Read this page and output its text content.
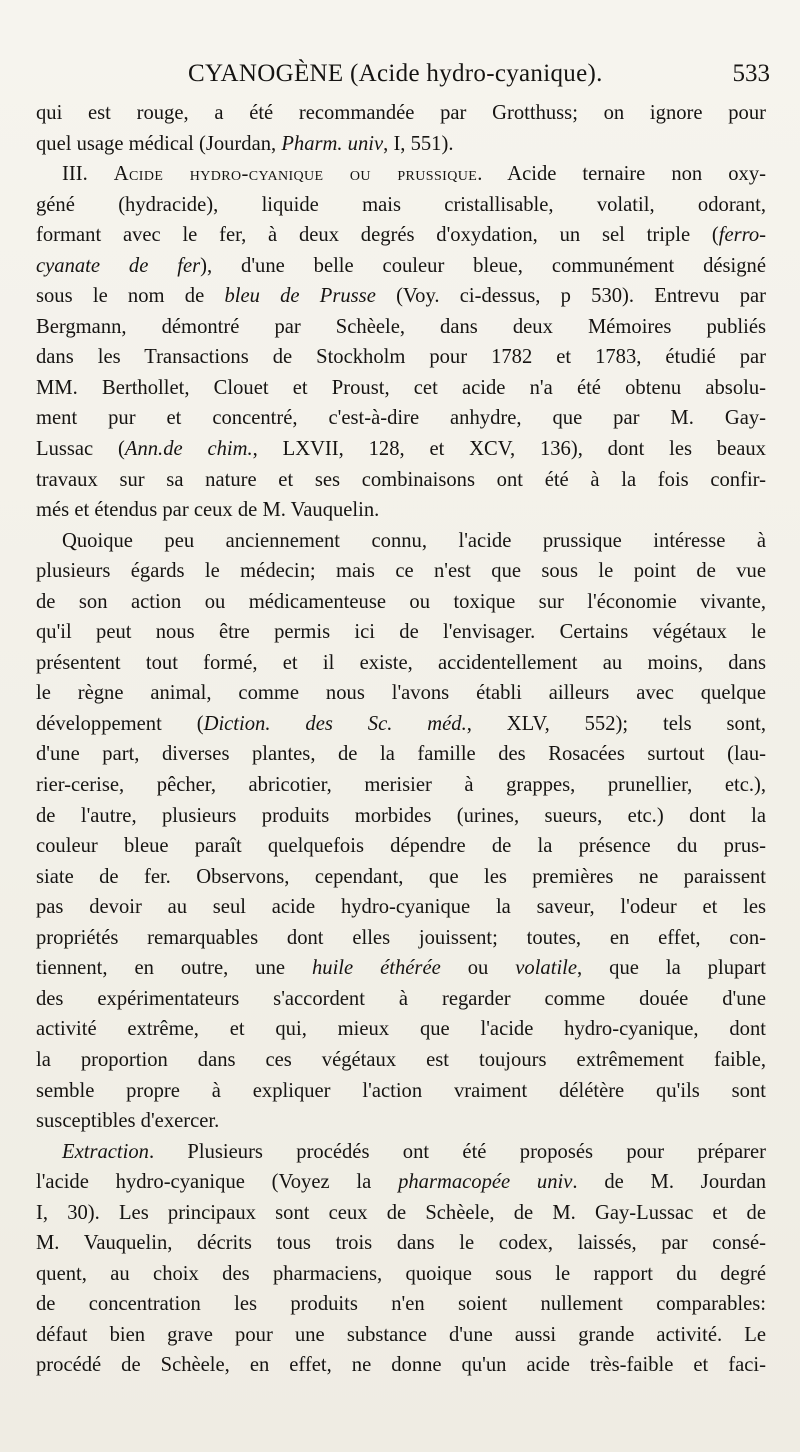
CYANOGÈNE (Acide hydro-cyanique).	533
qui est rouge, a été recommandée par Grotthuss; on ignore pour
quel usage médical (Jourdan, Pharm. univ, I, 551).
III. Acide hydro-cyanique ou prussique. Acide ternaire non oxy-
géné (hydracide), liquide mais cristallisable, volatil, odorant,
formant avec le fer, à deux degrés d'oxydation, un sel triple (ferro-
cyanate de fer), d'une belle couleur bleue, communément désigné
sous le nom de bleu de Prusse (Voy. ci-dessus, p 530). Entrevu par
Bergmann, démontré par Schèele, dans deux Mémoires publiés
dans les Transactions de Stockholm pour 1782 et 1783, étudié par
MM. Berthollet, Clouet et Proust, cet acide n'a été obtenu absolu-
ment pur et concentré, c'est-à-dire anhydre, que par M. Gay-
Lussac (Ann.de chim., LXVII, 128, et XCV, 136), dont les beaux
travaux sur sa nature et ses combinaisons ont été à la fois confir-
més et étendus par ceux de M. Vauquelin.
Quoique peu anciennement connu, l'acide prussique intéresse à
plusieurs égards le médecin; mais ce n'est que sous le point de vue
de son action ou médicamenteuse ou toxique sur l'économie vivante,
qu'il peut nous être permis ici de l'envisager. Certains végétaux le
présentent tout formé, et il existe, accidentellement au moins, dans
le règne animal, comme nous l'avons établi ailleurs avec quelque
développement (Diction. des Sc. méd., XLV, 552); tels sont,
d'une part, diverses plantes, de la famille des Rosacées surtout (lau-
rier-cerise, pêcher, abricotier, merisier à grappes, prunellier, etc.),
de l'autre, plusieurs produits morbides (urines, sueurs, etc.) dont la
couleur bleue paraît quelquefois dépendre de la présence du prus-
siate de fer. Observons, cependant, que les premières ne paraissent
pas devoir au seul acide hydro-cyanique la saveur, l'odeur et les
propriétés remarquables dont elles jouissent; toutes, en effet, con-
tiennent, en outre, une huile éthérée ou volatile, que la plupart
des expérimentateurs s'accordent à regarder comme douée d'une
activité extrême, et qui, mieux que l'acide hydro-cyanique, dont
la proportion dans ces végétaux est toujours extrêmement faible,
semble propre à expliquer l'action vraiment délétère qu'ils sont
susceptibles d'exercer.
Extraction. Plusieurs procédés ont été proposés pour préparer
l'acide hydro-cyanique (Voyez la pharmacopée univ. de M. Jourdan
I, 30). Les principaux sont ceux de Schèele, de M. Gay-Lussac et de
M. Vauquelin, décrits tous trois dans le codex, laissés, par consé-
quent, au choix des pharmaciens, quoique sous le rapport du degré
de concentration les produits n'en soient nullement comparables:
défaut bien grave pour une substance d'une aussi grande activité. Le
procédé de Schèele, en effet, ne donne qu'un acide très-faible et faci-
